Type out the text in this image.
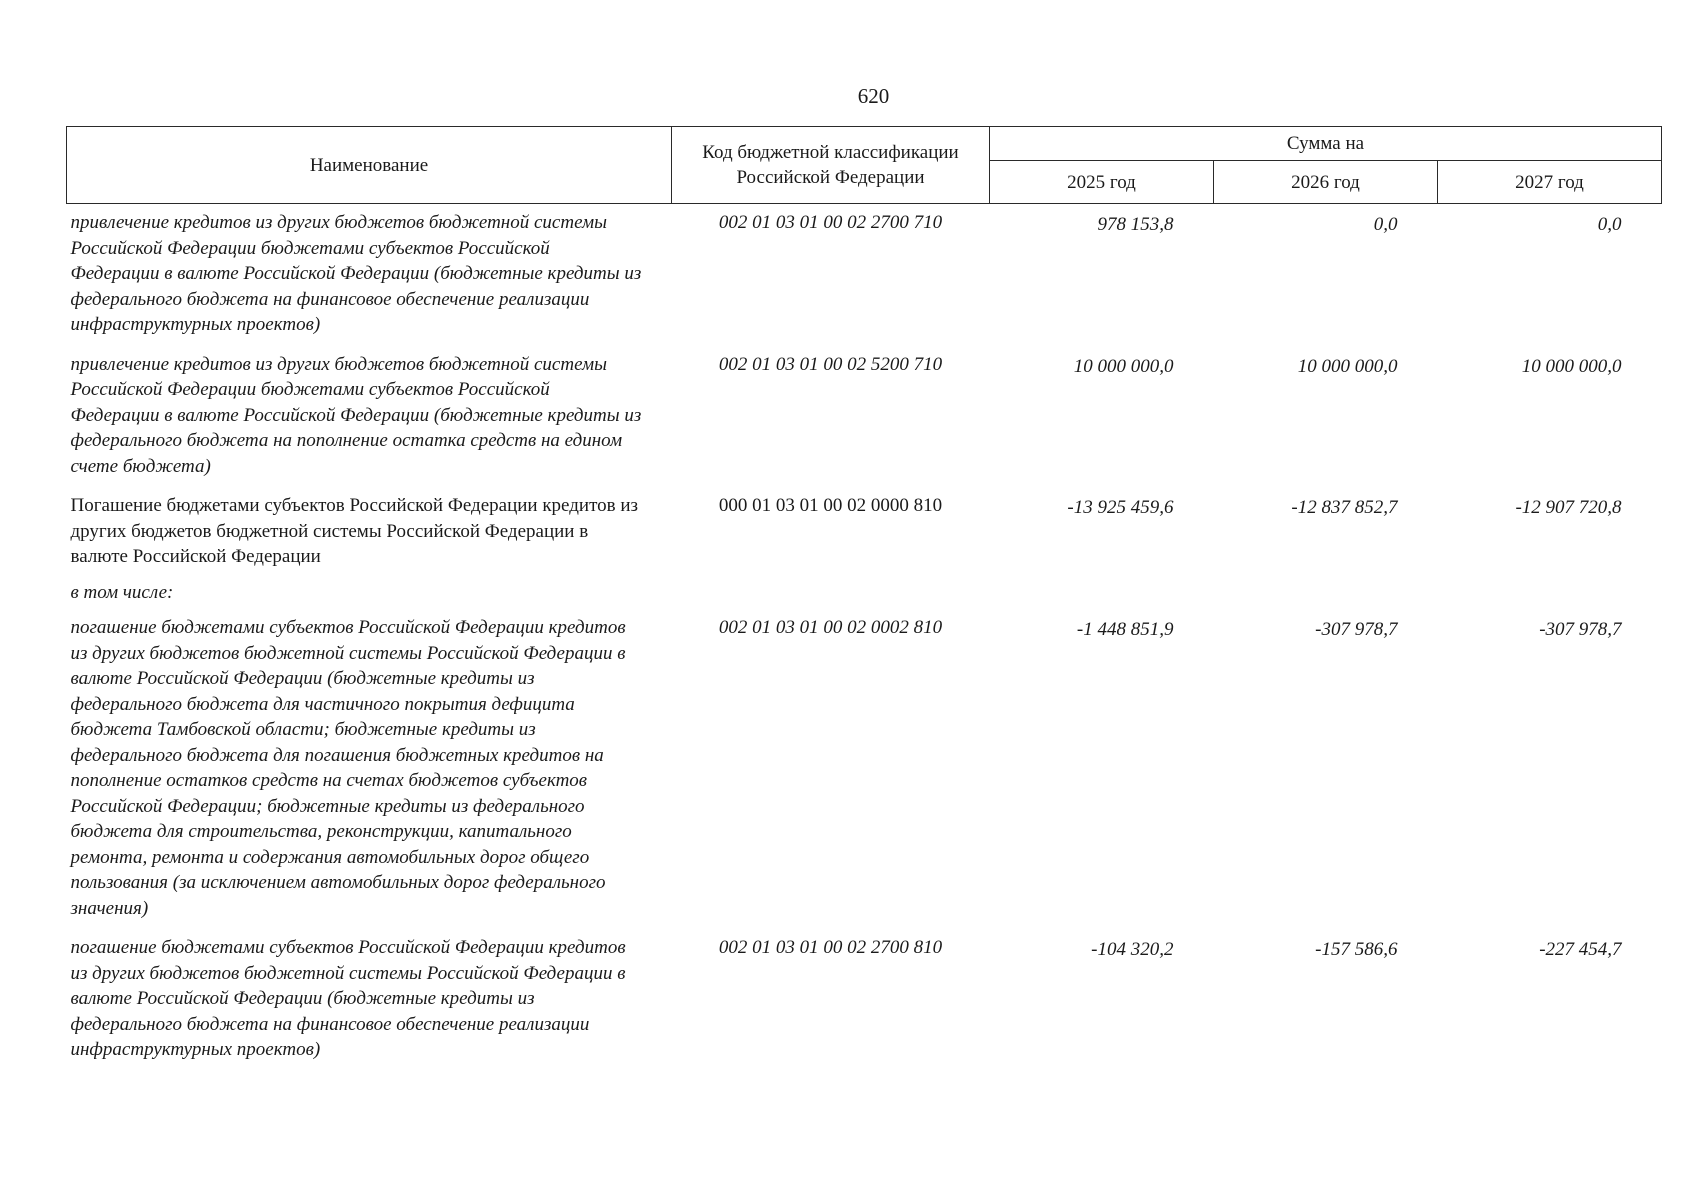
620
Наименование	Код бюджетной классификации Российской Федерации	Сумма на		
		2025 год	2026 год	2027 год
привлечение кредитов из других бюджетов бюджетной системы Российской Федерации бюджетами субъектов Российской Федерации в валюте Российской Федерации (бюджетные кредиты из федерального бюджета на финансовое обеспечение реализации инфраструктурных проектов)	002 01 03 01 00 02 2700 710	978 153,8	0,0	0,0
привлечение кредитов из других бюджетов бюджетной системы Российской Федерации бюджетами субъектов Российской Федерации в валюте Российской Федерации (бюджетные кредиты из федерального бюджета на пополнение остатка средств на едином счете бюджета)	002 01 03 01 00 02 5200 710	10 000 000,0	10 000 000,0	10 000 000,0
Погашение бюджетами субъектов Российской Федерации кредитов из других бюджетов бюджетной системы Российской Федерации в валюте Российской Федерации	000 01 03 01 00 02 0000 810	-13 925 459,6	-12 837 852,7	-12 907 720,8
в том числе:				
погашение бюджетами субъектов Российской Федерации кредитов из других бюджетов бюджетной системы Российской Федерации в валюте Российской Федерации (бюджетные кредиты из федерального бюджета для частичного покрытия дефицита бюджета Тамбовской области; бюджетные кредиты из федерального бюджета для погашения бюджетных кредитов на пополнение остатков средств на счетах бюджетов субъектов Российской Федерации; бюджетные кредиты из федерального бюджета для строительства, реконструкции, капитального ремонта, ремонта и содержания автомобильных дорог общего пользования (за исключением автомобильных дорог федерального значения)	002 01 03 01 00 02 0002 810	-1 448 851,9	-307 978,7	-307 978,7
погашение бюджетами субъектов Российской Федерации кредитов из других бюджетов бюджетной системы Российской Федерации в валюте Российской Федерации (бюджетные кредиты из федерального бюджета на финансовое обеспечение реализации инфраструктурных проектов)	002 01 03 01 00 02 2700 810	-104 320,2	-157 586,6	-227 454,7
